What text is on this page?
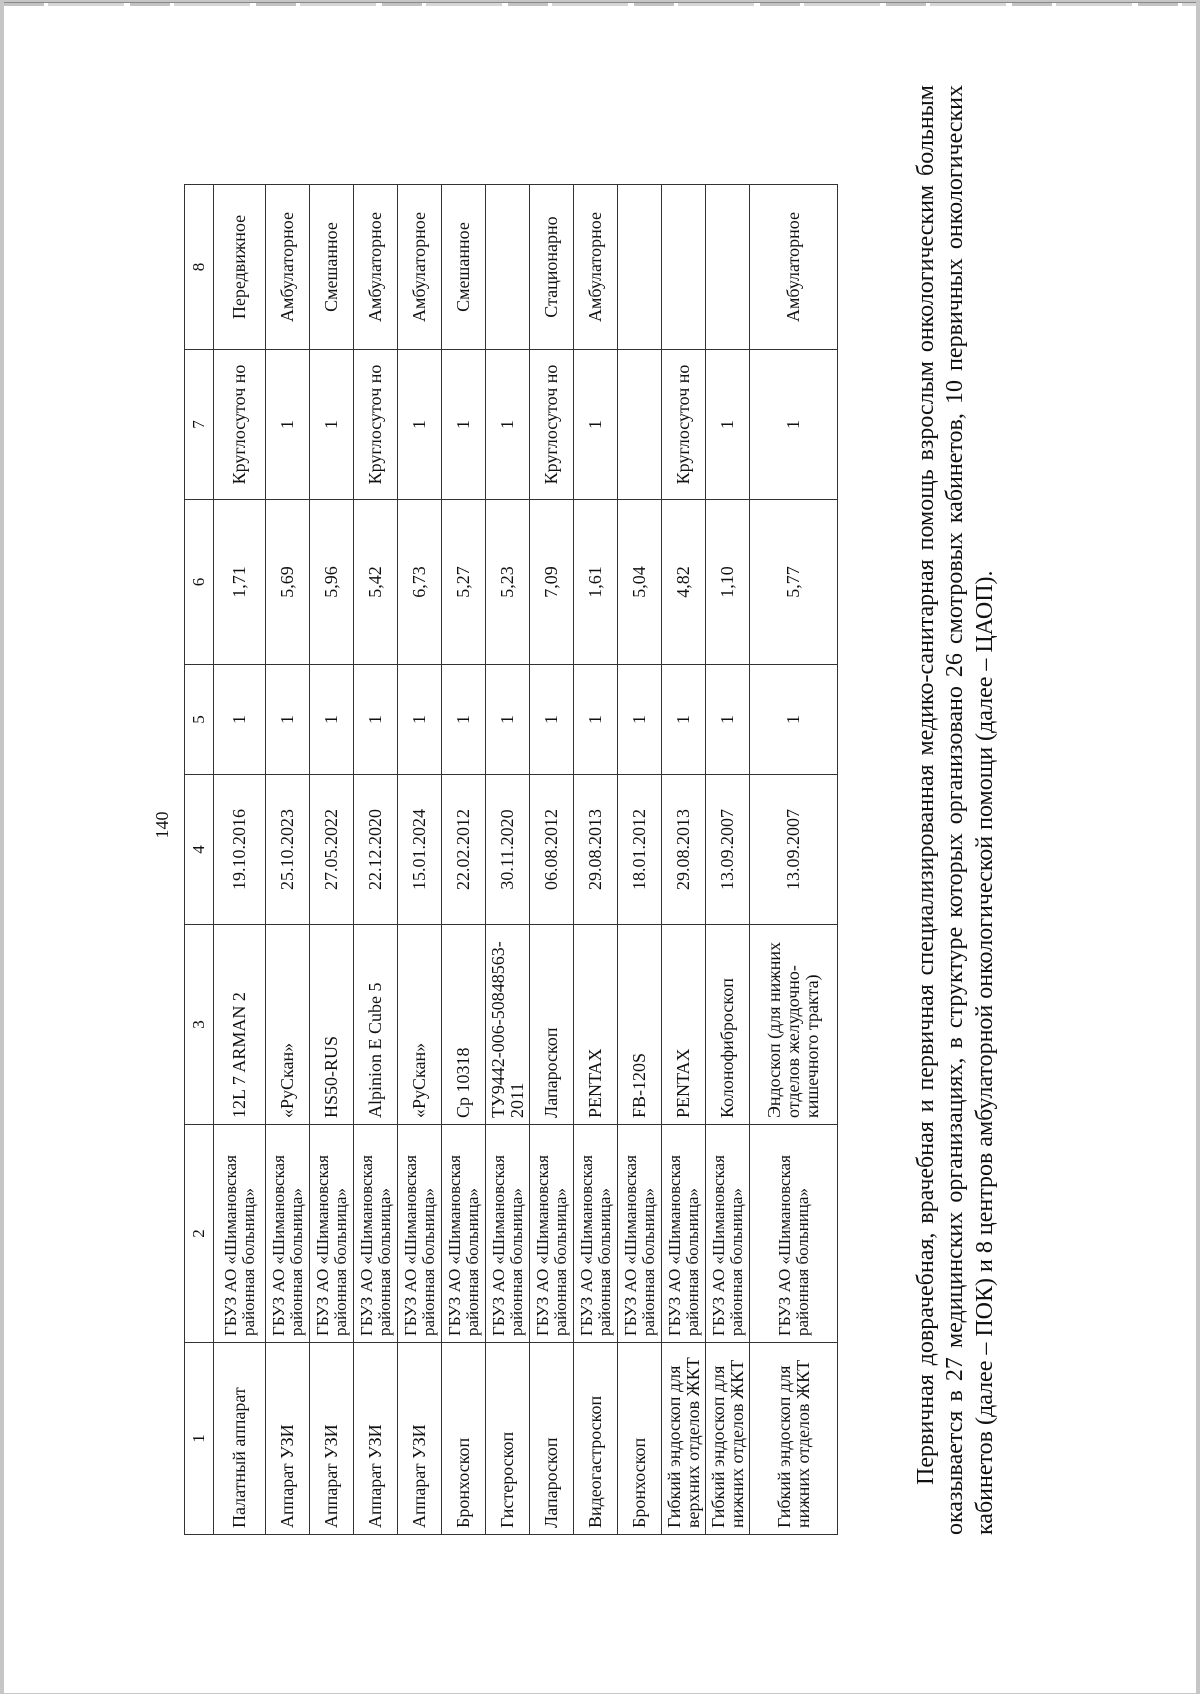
140
1	2	3	4	5	6	7	8
Палатный аппарат	ГБУЗ АО «Шимановская районная больница»	12L 7 ARMAN 2	19.10.2016	1	1,71	Круглосуточ но	Передвижное
Аппарат УЗИ	ГБУЗ АО «Шимановская районная больница»	«РуСкан»	25.10.2023	1	5,69	1	Амбулаторное
Аппарат УЗИ	ГБУЗ АО «Шимановская районная больница»	HS50-RUS	27.05.2022	1	5,96	1	Смешанное
Аппарат УЗИ	ГБУЗ АО «Шимановская районная больница»	Alpinion E Cube 5	22.12.2020	1	5,42	Круглосуточ но	Амбулаторное
Аппарат УЗИ	ГБУЗ АО «Шимановская районная больница»	«РуСкан»	15.01.2024	1	6,73	1	Амбулаторное
Бронхоскоп	ГБУЗ АО «Шимановская районная больница»	Cp 10318	22.02.2012	1	5,27	1	Смешанное
Гистероскоп	ГБУЗ АО «Шимановская районная больница»	ТУ9442-006-50848563-2011	30.11.2020	1	5,23	1	
Лапароскоп	ГБУЗ АО «Шимановская районная больница»	Лапароскоп	06.08.2012	1	7,09	Круглосуточ но	Стационарно
Видеогастроскоп	ГБУЗ АО «Шимановская районная больница»	PENTAX	29.08.2013	1	1,61	1	Амбулаторное
Бронхоскоп	ГБУЗ АО «Шимановская районная больница»	FB-120S	18.01.2012	1	5,04		
Гибкий эндоскоп для верхних отделов ЖКТ	ГБУЗ АО «Шимановская районная больница»	PENTAX	29.08.2013	1	4,82	Круглосуточ но	
Гибкий эндоскоп для нижних отделов ЖКТ	ГБУЗ АО «Шимановская районная больница»	Колонофиброскоп	13.09.2007	1	1,10	1	
Гибкий эндоскоп для нижних отделов ЖКТ	ГБУЗ АО «Шимановская районная больница»	Эндоскоп (для нижних отделов желудочно-кишечного тракта)	13.09.2007	1	5,77	1	Амбулаторное	Первичная доврачебная, врачебная и первичная специализированная медико-санитарная помощь взрослым онкологическим больным оказывается в 27 медицинских организациях, в структуре которых организовано 26 смотровых кабинетов, 10 первичных онкологических кабинетов (далее – ПОК) и 8 центров амбулаторной онкологической помощи (далее – ЦАОП).
